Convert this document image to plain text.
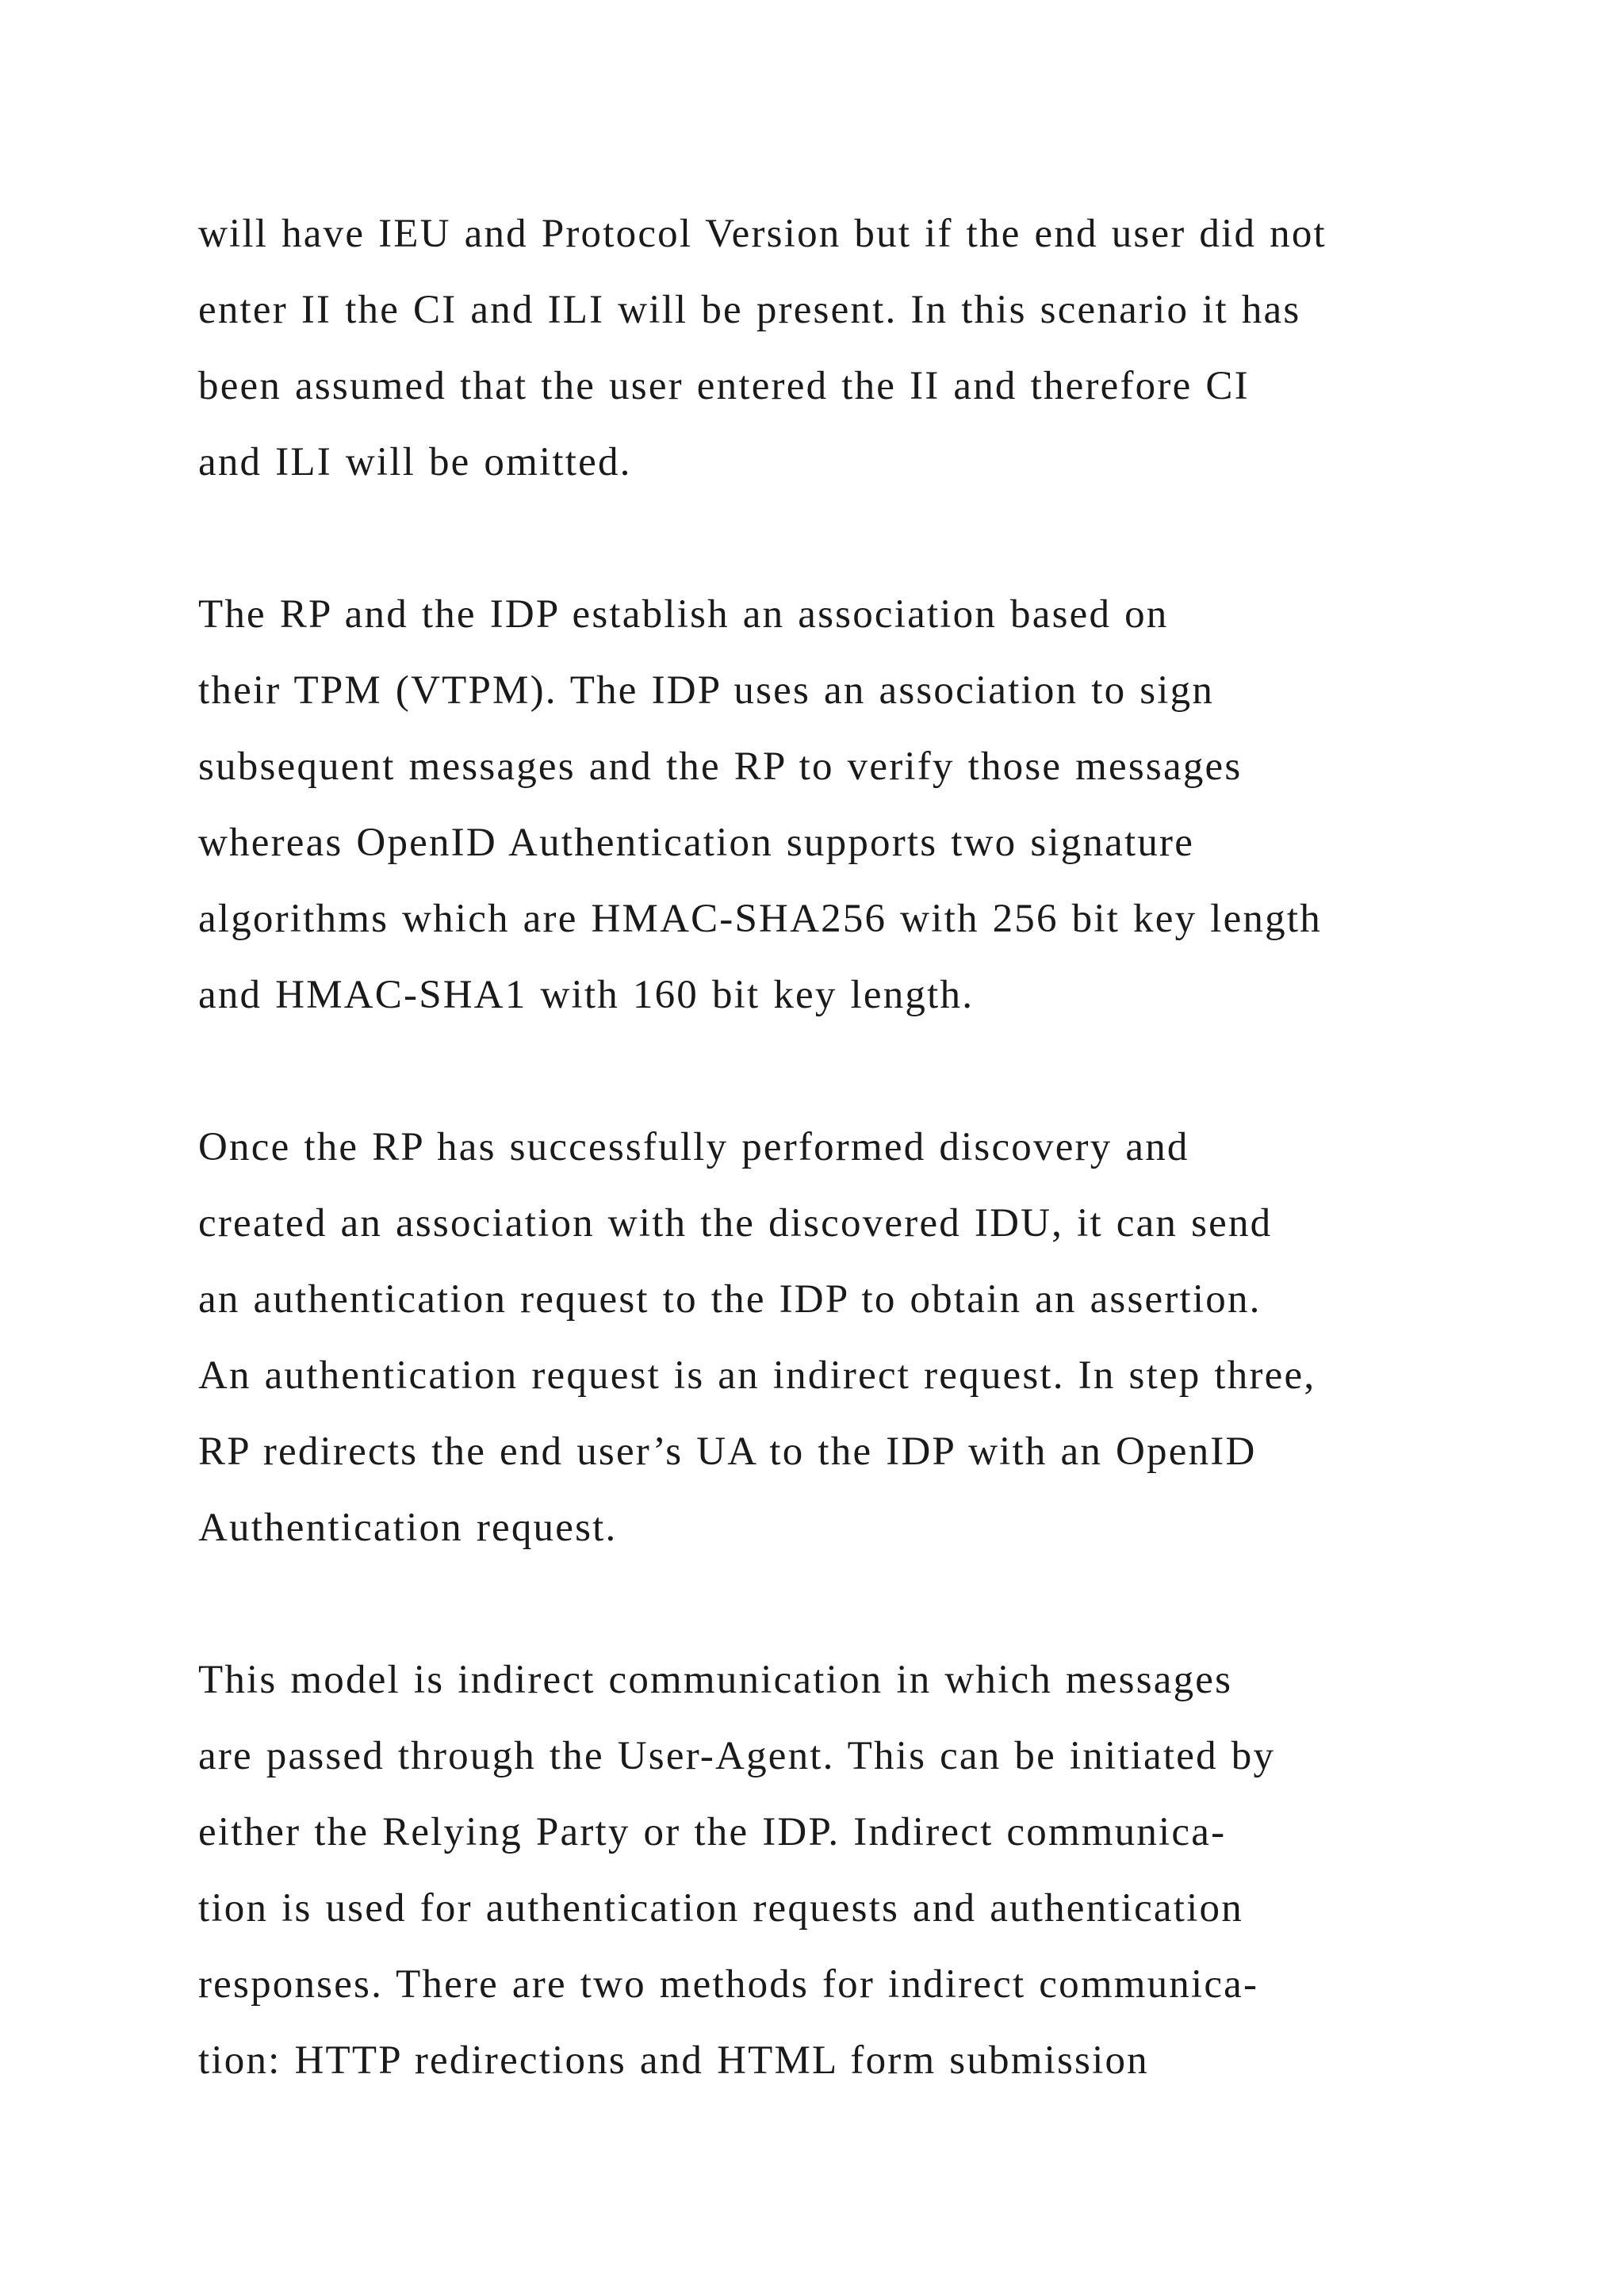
will have IEU and Protocol Version but if the end user did not
enter II the CI and ILI will be present. In this scenario it has
been assumed that the user entered the II and therefore CI
and ILI will be omitted.
The RP and the IDP establish an association based on
their TPM (VTPM). The IDP uses an association to sign
subsequent messages and the RP to verify those messages
whereas OpenID Authentication supports two signature
algorithms which are HMAC-SHA256 with 256 bit key length
and HMAC-SHA1 with 160 bit key length.
Once the RP has successfully performed discovery and
created an association with the discovered IDU, it can send
an authentication request to the IDP to obtain an assertion.
An authentication request is an indirect request. In step three,
RP redirects the end user’s UA to the IDP with an OpenID
Authentication request.
This model is indirect communication in which messages
are passed through the User-Agent. This can be initiated by
either the Relying Party or the IDP. Indirect communica-
tion is used for authentication requests and authentication
responses. There are two methods for indirect communica-
tion: HTTP redirections and HTML form submission
